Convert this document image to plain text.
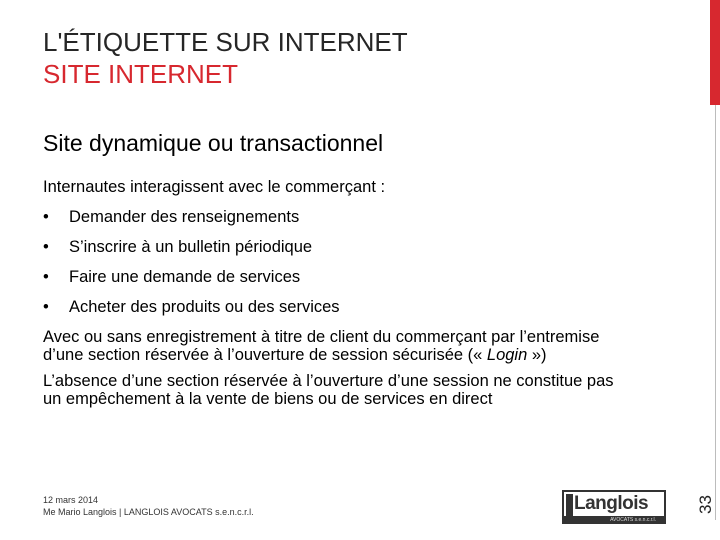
L'ÉTIQUETTE SUR INTERNET
SITE INTERNET
Site dynamique ou transactionnel
Internautes interagissent avec le commerçant :
• Demander des renseignements
• S’inscrire à un bulletin périodique
• Faire une demande de services
• Acheter des produits ou des services
Avec ou sans enregistrement à titre de client du commerçant par l’entremise d’une section réservée à l’ouverture de session sécurisée (« Login »)
L’absence d’une section réservée à l’ouverture d’une session ne constitue pas un empêchement à la vente de biens ou de services en direct
12 mars 2014
Me Mario Langlois | LANGLOIS AVOCATS s.e.n.c.r.l.	Langlois
AVOCATS s.e.n.c.r.l.
33
